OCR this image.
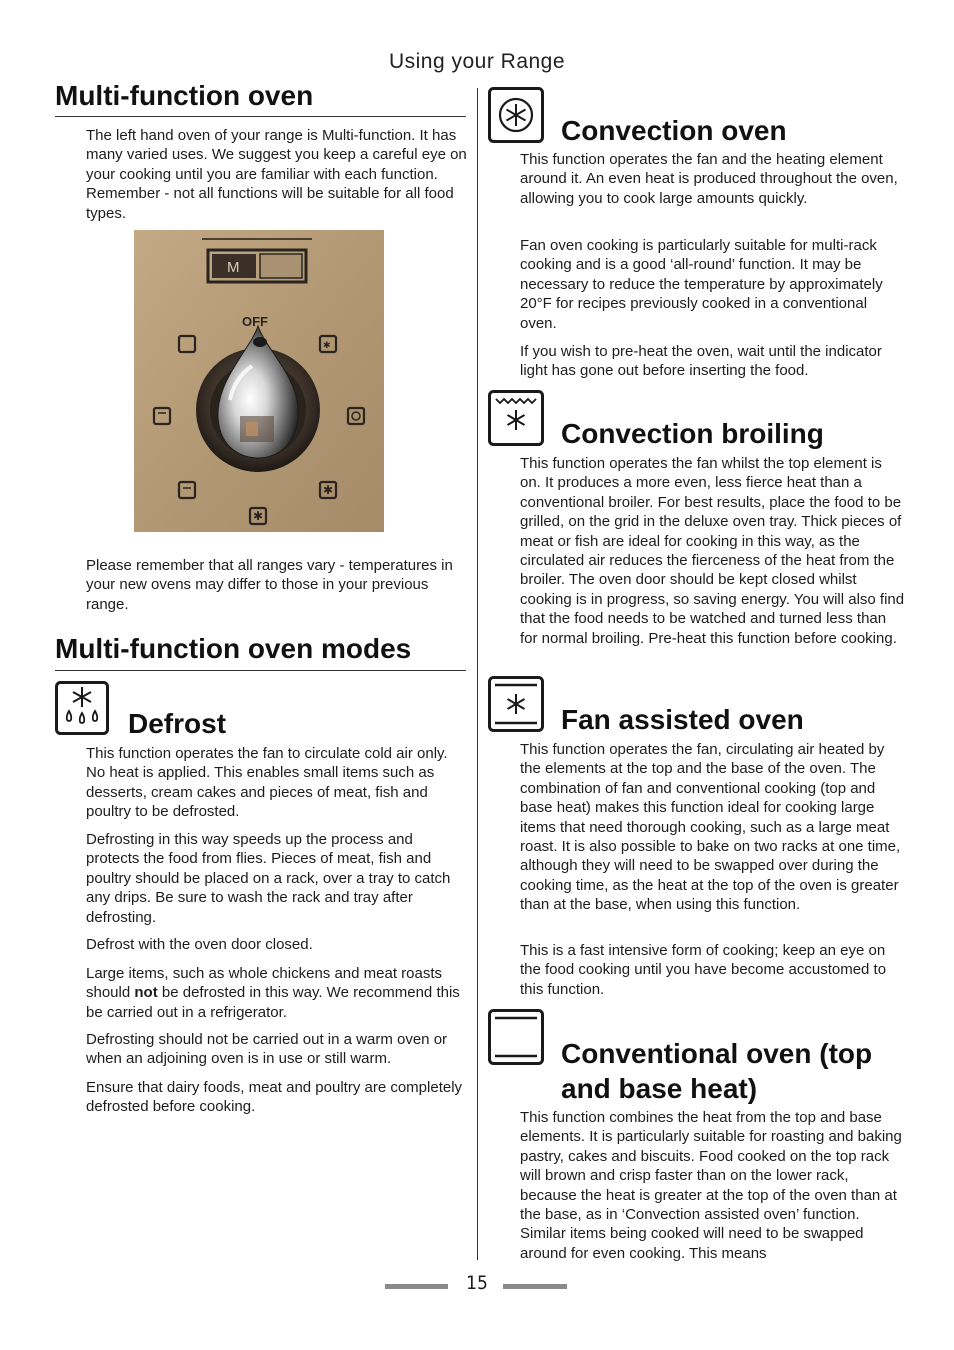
Using your Range
Multi-function oven

The left hand oven of your range is Multi-function. It has many varied uses. We suggest you keep a careful eye on your cooking until you are familiar with each function. Remember - not all functions will be suitable for all food types.

M
OFF
✱
✱
✱

Please remember that all ranges vary - temperatures in your new ovens may differ to those in your previous range.

Multi-function oven modes
Defrost

This function operates the fan to circulate cold air only. No heat is applied. This enables small items such as desserts, cream cakes and pieces of meat, fish and poultry to be defrosted.

Defrosting in this way speeds up the process and protects the food from flies. Pieces of meat, fish and poultry should be placed on a rack, over a tray to catch any drips. Be sure to wash the rack and tray after defrosting.

Defrost with the oven door closed.

Large items, such as whole chickens and meat roasts should not be defrosted in this way. We recommend this be carried out in a refrigerator.

Defrosting should not be carried out in a warm oven or when an adjoining oven is in use or still warm.

Ensure that dairy foods, meat and poultry are completely defrosted before cooking.

Convection oven

This function operates the fan and the heating element around it. An even heat is produced throughout the oven, allowing you to cook large amounts quickly.

Fan oven cooking is particularly suitable for multi-rack cooking and is a good ‘all-round’ function. It may be necessary to reduce the temperature by approximately 20°F for recipes previously cooked in a conventional oven.

If you wish to pre-heat the oven, wait until the indicator light has gone out before inserting the food.

Convection broiling

This function operates the fan whilst the top element is on. It produces a more even, less fierce heat than a conventional broiler. For best results, place the food to be grilled, on the grid in the deluxe oven tray. Thick pieces of meat or fish are ideal for cooking in this way, as the circulated air reduces the fierceness of the heat from the broiler. The oven door should be kept closed whilst cooking is in progress, so saving energy. You will also find that the food needs to be watched and turned less than for normal broiling. Pre-heat this function before cooking.

Fan assisted oven

This function operates the fan, circulating air heated by the elements at the top and the base of the oven. The combination of fan and conventional cooking (top and base heat) makes this function ideal for cooking large items that need thorough cooking, such as a large meat roast. It is also possible to bake on two racks at one time, although they will need to be swapped over during the cooking time, as the heat at the top of the oven is greater than at the base, when using this function.

This is a fast intensive form of cooking; keep an eye on the food cooking until you have become accustomed to this function.

Conventional oven (top
and base heat)

This function combines the heat from the top and base elements. It is particularly suitable for roasting and baking pastry, cakes and biscuits. Food cooked on the top rack will brown and crisp faster than on the lower rack, because the heat is greater at the top of the oven than at the base, as in ‘Convection assisted oven’ function. Similar items being cooked will need to be swapped around for even cooking. This means

15
